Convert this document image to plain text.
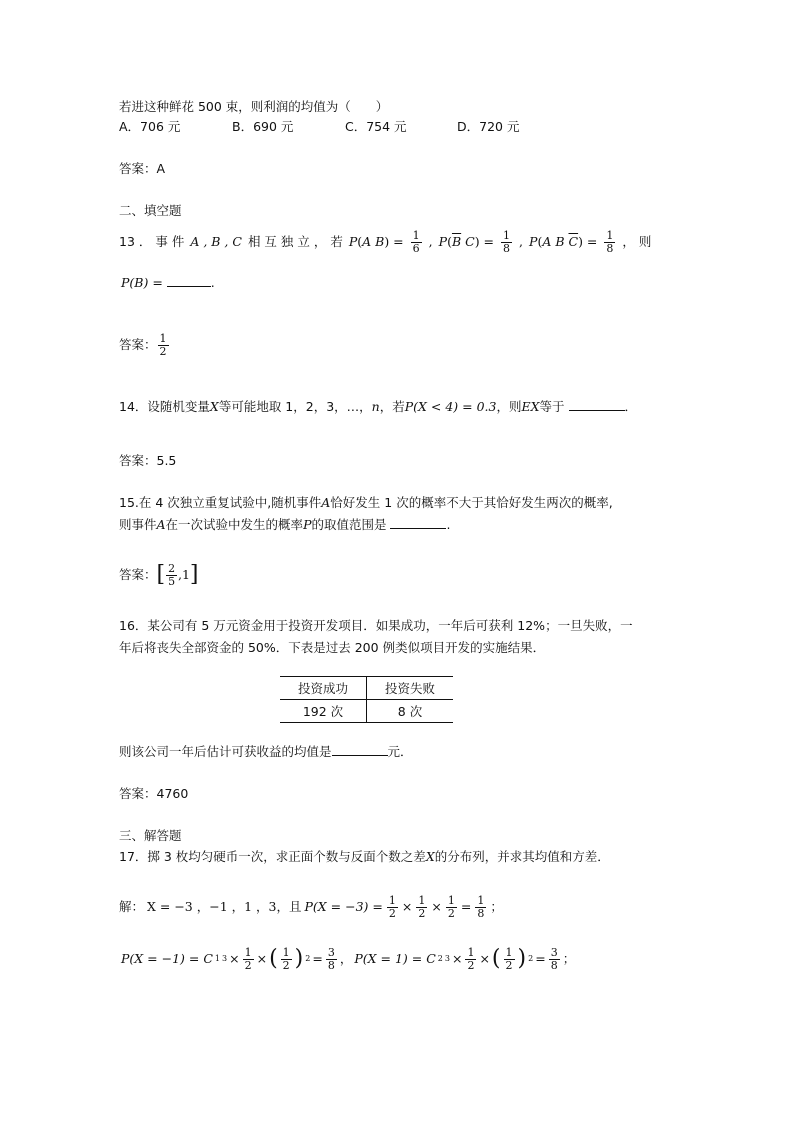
若进这种鲜花 500 束，则利润的均值为（　　）
A．706 元	B．690 元	C．754 元	D．720 元
答案：A
二、填空题
13 ． 事 件 A , B , C 相 互 独 立 ， 若 P(A $B) = \frac{1}{6}$ , $P(\overline{B}$ $C) = \frac{1}{8}$ , P(A B $\overline{C}) = \frac{1}{8}$ ， 则
P(B) =	.
答案： $\frac{1}{2}$
14．设随机变量X等可能地取 1，2，3，…，n，若P(X < 4) = 0.3，则EX等于	．
答案：5.5
15.在 4 次独立重复试验中,随机事件A恰好发生 1 次的概率不大于其恰好发生两次的概率,
则事件A在一次试验中发生的概率P的取值范围是	.
答案： [ $\frac{2}{5}$ , 1 ]
16．某公司有 5 万元资金用于投资开发项目．如果成功，一年后可获利 12%；一旦失败，一
年后将丧失全部资金的 50%．下表是过去 200 例类似项目开发的实施结果．
投资成功	投资失败
192 次	8 次
则该公司一年后估计可获收益的均值是	元．
答案：4760
三、解答题
17．掷 3 枚均匀硬币一次，求正面个数与反面个数之差X的分布列，并求其均值和方差．
解： X = −3 ，−1 ，1 ，3，且 $P(X = -3) = \frac{1}{2} \times \frac{1}{2} \times \frac{1}{2} = \frac{1}{8}$ ；
P(X = −1) = C 1 $3 \times \frac{1}{2}$ × ( $\frac{1}{2}$ ) $2 = \frac{3}{8}$ ， P(X = 1) = C 2 $3 \times \frac{1}{2}$ × ( $\frac{1}{2}$ ) $2 = \frac{3}{8}$ ；
